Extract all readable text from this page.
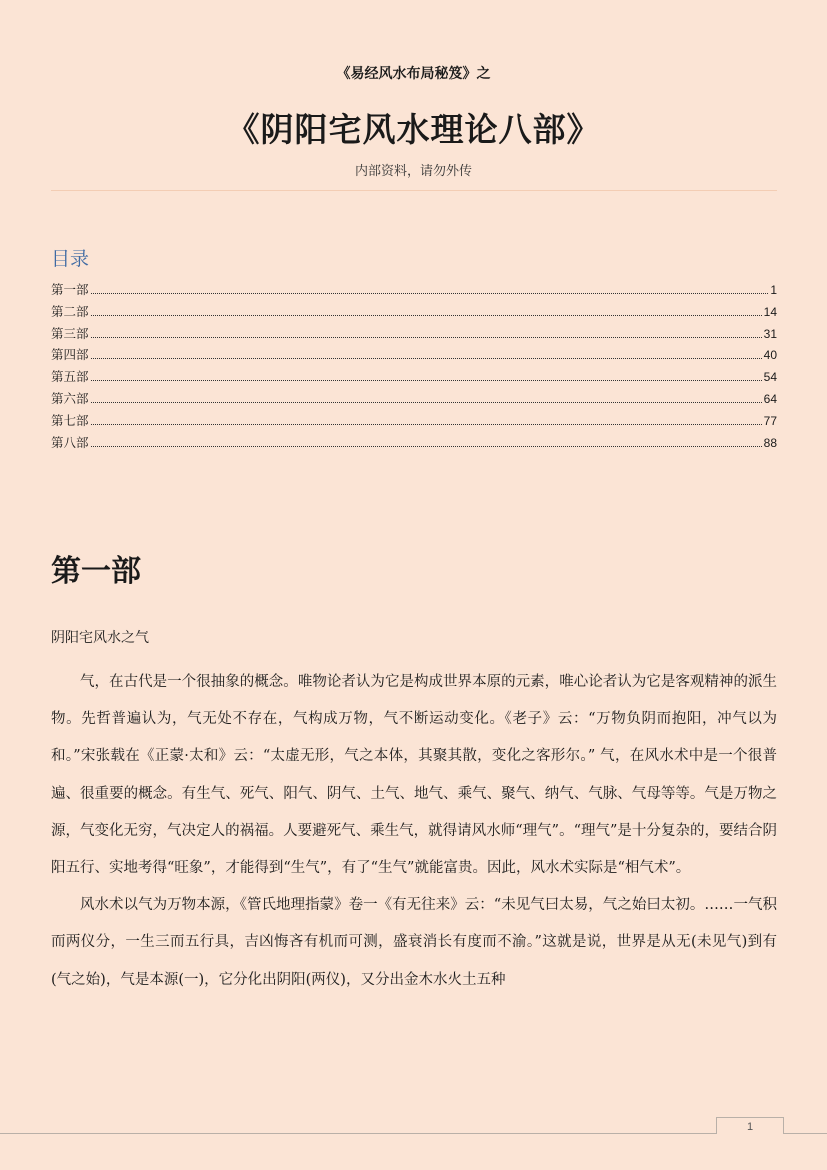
《易经风水布局秘笈》之
《阴阳宅风水理论八部》
内部资料，请勿外传
目录
第一部	1
第二部	14
第三部	31
第四部	40
第五部	54
第六部	64
第七部	77
第八部	88
第一部
阴阳宅风水之气

气，在古代是一个很抽象的概念。唯物论者认为它是构成世界本原的元素，唯心论者认为它是客观精神的派生物。先哲普遍认为，气无处不存在，气构成万物，气不断运动变化。《老子》云：“万物负阴而抱阳，冲气以为和。”宋张载在《正蒙·太和》云：“太虚无形，气之本体，其聚其散，变化之客形尔。” 气，在风水术中是一个很普遍、很重要的概念。有生气、死气、阳气、阴气、土气、地气、乘气、聚气、纳气、气脉、气母等等。气是万物之源，气变化无穷，气决定人的祸福。人要避死气、乘生气，就得请风水师“理气”。“理气”是十分复杂的，要结合阴阳五行、实地考得“旺象”，才能得到“生气”，有了“生气”就能富贵。因此，风水术实际是“相气术”。

风水术以气为万物本源，《管氏地理指蒙》卷一《有无往来》云：“未见气曰太易，气之始曰太初。……一气积而两仪分，一生三而五行具，吉凶悔吝有机而可测，盛衰消长有度而不渝。”这就是说，世界是从无(未见气)到有(气之始)，气是本源(一)，它分化出阴阳(两仪)，又分出金木水火土五种

1
